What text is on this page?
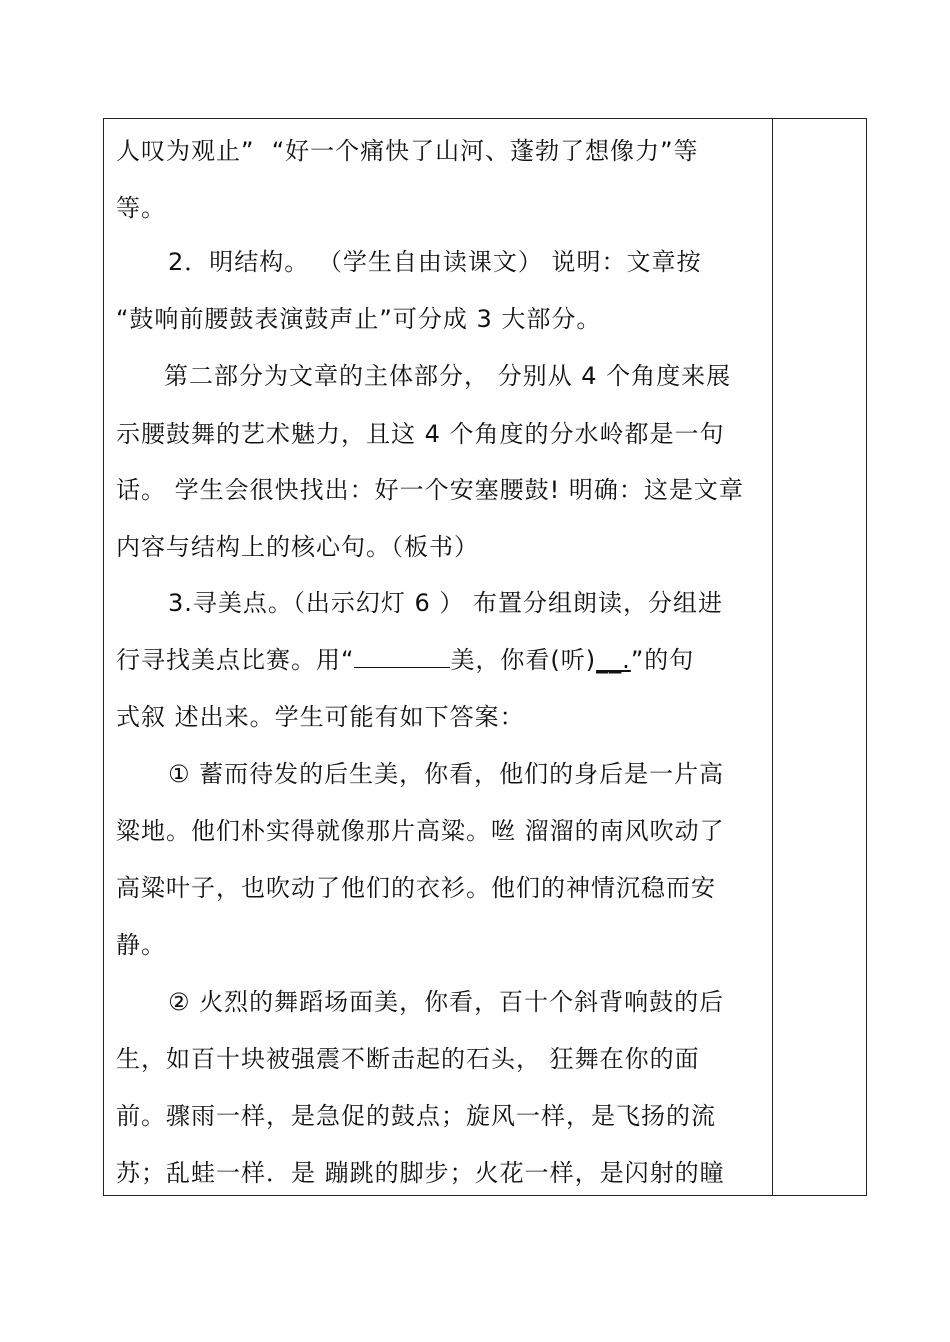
人叹为观止”  “好一个痛快了山河、蓬勃了想像力”等
等。
2．明结构。 （学生自由读课文） 说明：文章按
“鼓响前腰鼓表演鼓声止”可分成 3 大部分。
第二部分为文章的主体部分， 分别从 4 个角度来展
示腰鼓舞的艺术魅力，且这 4 个角度的分水岭都是一句
话。 学生会很快找出：好一个安塞腰鼓! 明确：这是文章
内容与结构上的核心句。（板书）
3.寻美点。（出示幻灯 6 ） 布置分组朗读，分组进
行寻找美点比赛。用“	美，你看(听)__.”的句
式叙 述出来。学生可能有如下答案：
① 蓄而待发的后生美，你看，他们的身后是一片高
粱地。他们朴实得就像那片高粱。咝 溜溜的南风吹动了
高粱叶子，也吹动了他们的衣衫。他们的神情沉稳而安
静。
② 火烈的舞蹈场面美，你看，百十个斜背响鼓的后
生，如百十块被强震不断击起的石头， 狂舞在你的面
前。骤雨一样，是急促的鼓点；旋风一样，是飞扬的流
苏；乱蛙一样．是 蹦跳的脚步；火花一样，是闪射的瞳
